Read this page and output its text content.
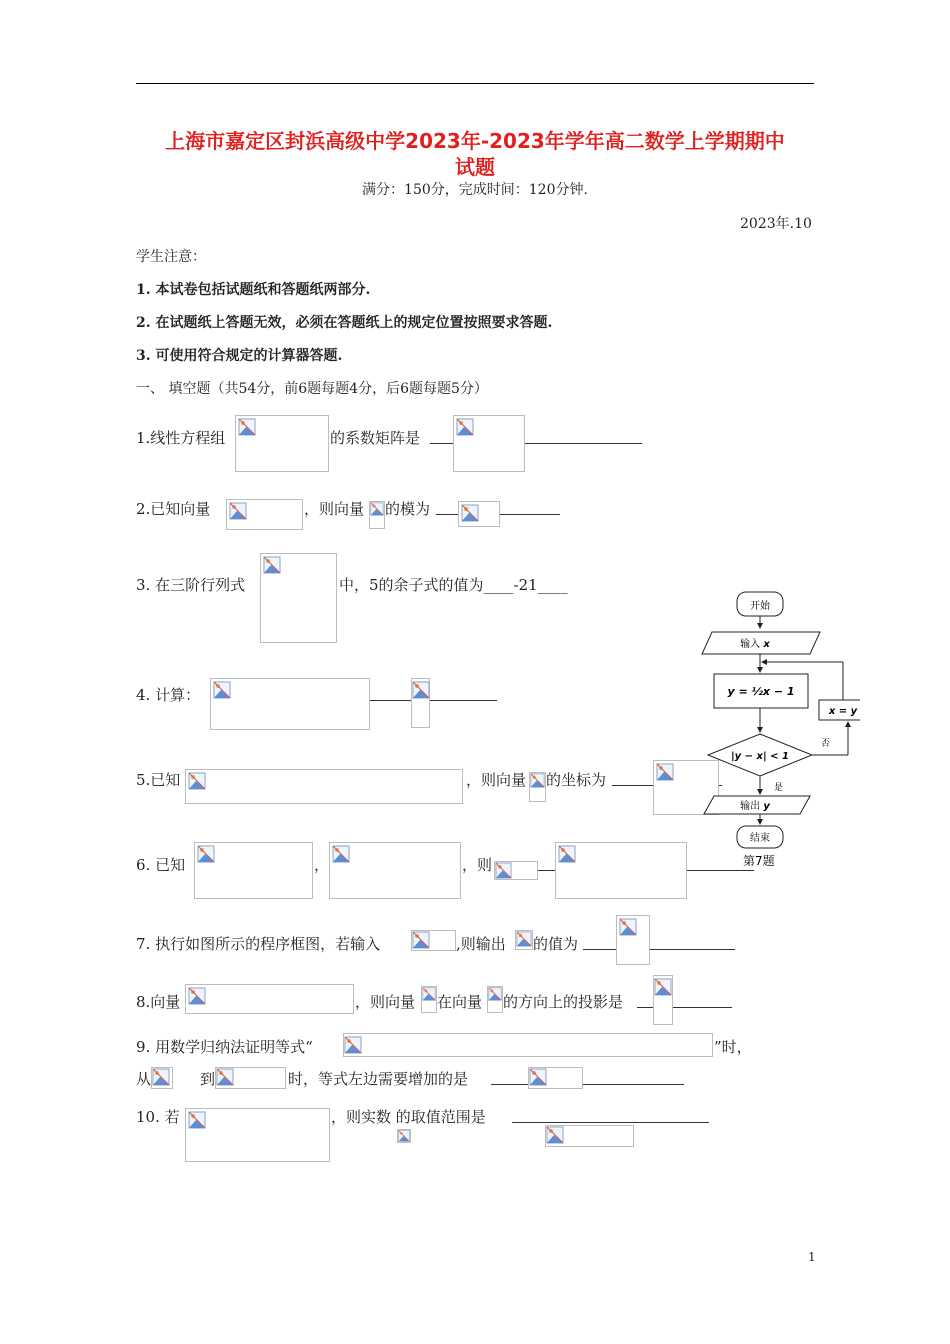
上海市嘉定区封浜高级中学2023年-2023年学年高二数学上学期期中
试题
满分：150分，完成时间：120分钟.
2023年.10
学生注意：
1. 本试卷包括试题纸和答题纸两部分.
2. 在试题纸上答题无效，必须在答题纸上的规定位置按照要求答题.
3. 可使用符合规定的计算器答题.
一、 填空题（共54分，前6题每题4分，后6题每题5分）
1.线性方程组	的系数矩阵是
2.已知向量	，则向量 的模为
3. 在三阶行列式	中，5的余子式的值为____-21____
4. 计算：
5.已知	，则向量 的坐标为
6. 已知	，	，则
开始
输入 x
y = ½x − 1
|y − x| < 1
否
x = y
是
输出 y
结束
第7题
7. 执行如图所示的程序框图，若输入	,则输出 的值为
8.向量	，则向量 在向量 的方向上的投影是
9. 用数学归纳法证明等式“	”时，
从	到	时，等式左边需要增加的是
10. 若	，则实数 的取值范围是
1
